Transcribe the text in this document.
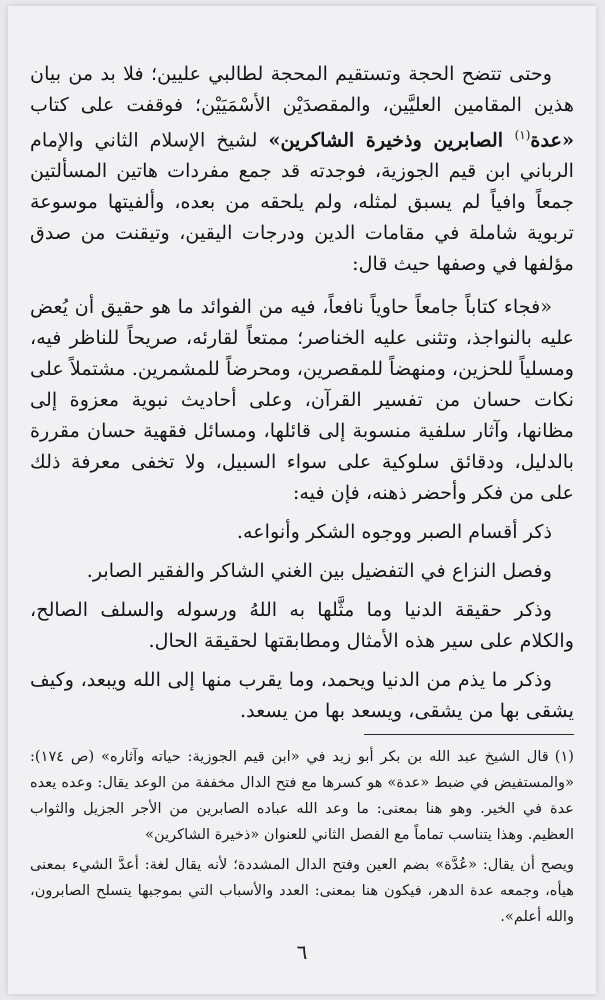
وحتى تتضح الحجة وتستقيم المحجة لطالبي عليين؛ فلا بد من بيان هذين المقامين العليَّين، والمقصدَيْن الأسْمَيَيْن؛ فوقفت على كتاب «عدة$^{(١)}$ الصابرين وذخيرة الشاكرين» لشيخ الإسلام الثاني والإمام الرباني ابن قيم الجوزية، فوجدته قد جمع مفردات هاتين المسألتين جمعاً وافياً لم يسبق لمثله، ولم يلحقه من بعده، وألفيتها موسوعة تربوية شاملة في مقامات الدين ودرجات اليقين، وتيقنت من صدق مؤلفها في وصفها حيث قال:

«فجاء كتاباً جامعاً حاوياً نافعاً، فيه من الفوائد ما هو حقيق أن يُعض عليه بالنواجذ، وتثنى عليه الخناصر؛ ممتعاً لقارئه، صريحاً للناظر فيه، ومسلياً للحزين، ومنهضاً للمقصرين، ومحرضاً للمشمرين. مشتملاً على نكات حسان من تفسير القرآن، وعلى أحاديث نبوية معزوة إلى مظانها، وآثار سلفية منسوبة إلى قائلها، ومسائل فقهية حسان مقررة بالدليل، ودقائق سلوكية على سواء السبيل، ولا تخفى معرفة ذلك على من فكر وأحضر ذهنه، فإن فيه:

ذكر أقسام الصبر ووجوه الشكر وأنواعه.

وفصل النزاع في التفضيل بين الغني الشاكر والفقير الصابر.

وذكر حقيقة الدنيا وما مثَّلها به اللهُ ورسوله والسلف الصالح، والكلام على سير هذه الأمثال ومطابقتها لحقيقة الحال.

وذكر ما يذم من الدنيا ويحمد، وما يقرب منها إلى الله ويبعد، وكيف يشقى بها من يشقى، ويسعد بها من يسعد.

(١)قال الشيخ عبد الله بن بكر أبو زيد في «ابن قيم الجوزية: حياته وآثاره» (ص ١٧٤): «والمستفيض في ضبط «عدة» هو كسرها مع فتح الدال مخففة من الوعد يقال: وعده يعده عدة في الخير. وهو هنا بمعنى: ما وعد الله عباده الصابرين من الأجر الجزيل والثواب العظيم. وهذا يتناسب تماماً مع الفصل الثاني للعنوان «ذخيرة الشاكرين»

ويصح أن يقال: «عُدَّة» بضم العين وفتح الدال المشددة؛ لأنه يقال لغة: أعدَّ الشيء بمعنى هيأه، وجمعه عدة الدهر، فيكون هنا بمعنى: العدد والأسباب التي بموجبها يتسلح الصابرون، والله أعلم».

٦
